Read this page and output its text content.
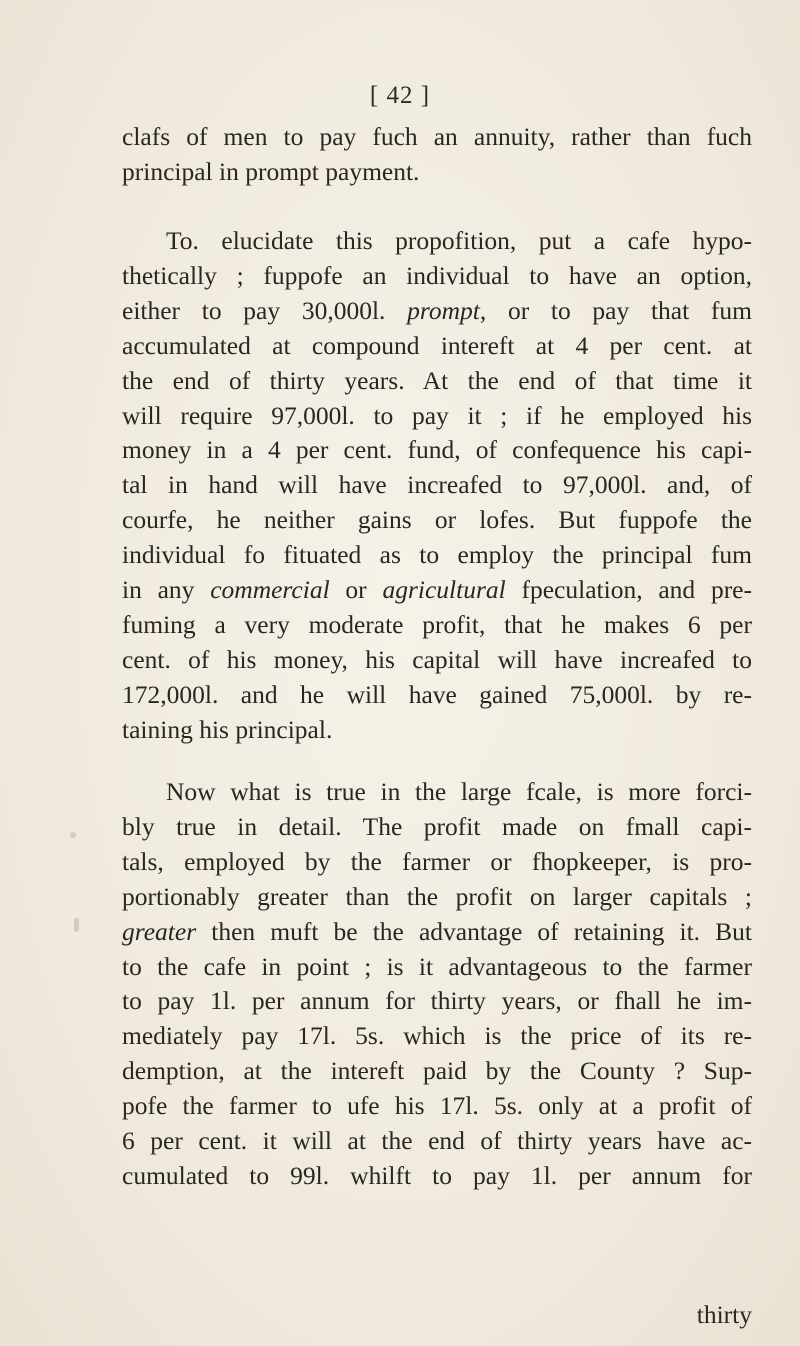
[ 42 ]
clafs of men to pay fuch an annuity, rather than fuch
principal in prompt payment.
To. elucidate this propofition, put a cafe hypo-
thetically ; fuppofe an individual to have an option,
either to pay 30,000l. prompt, or to pay that fum
accumulated at compound intereft at 4 per cent. at
the end of thirty years. At the end of that time it
will require 97,000l. to pay it ; if he employed his
money in a 4 per cent. fund, of confequence his capi-
tal in hand will have increafed to 97,000l. and, of
courfe, he neither gains or lofes. But fuppofe the
individual fo fituated as to employ the principal fum
in any commercial or agricultural fpeculation, and pre-
fuming a very moderate profit, that he makes 6 per
cent. of his money, his capital will have increafed to
172,000l. and he will have gained 75,000l. by re-
taining his principal.
Now what is true in the large fcale, is more forci-
bly true in detail. The profit made on fmall capi-
tals, employed by the farmer or fhopkeeper, is pro-
portionably greater than the profit on larger capitals ;
greater then muft be the advantage of retaining it. But
to the cafe in point ; is it advantageous to the farmer
to pay 1l. per annum for thirty years, or fhall he im-
mediately pay 17l. 5s. which is the price of its re-
demption, at the intereft paid by the County ? Sup-
pofe the farmer to ufe his 17l. 5s. only at a profit of
6 per cent. it will at the end of thirty years have ac-
cumulated to 99l. whilft to pay 1l. per annum for
thirty
